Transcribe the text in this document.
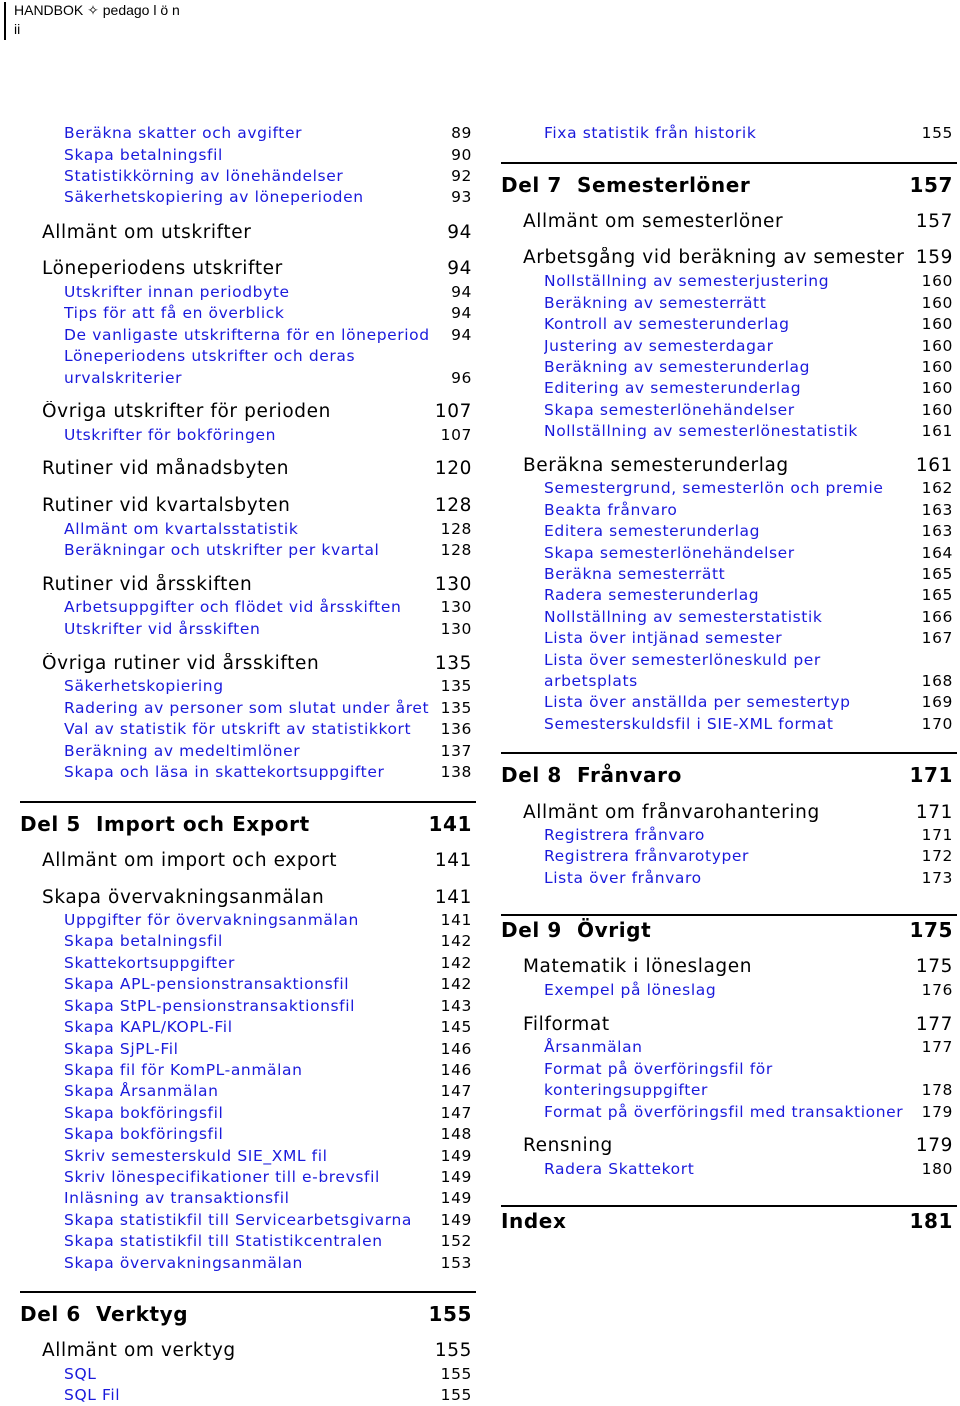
HANDBOK ✧ pedago l ö n
ii
Beräkna skatter och avgifter	89
Skapa betalningsfil	90
Statistikkörning av lönehändelser	92
Säkerhetskopiering av löneperioden	93
Allmänt om utskrifter	94
Löneperiodens utskrifter	94
Utskrifter innan periodbyte	94
Tips för att få en överblick	94
De vanligaste utskrifterna för en löneperiod 94
Löneperiodens utskrifter och deras
urvalskriterier	96
Övriga utskrifter för perioden	107
Utskrifter för bokföringen	107
Rutiner vid månadsbyten	120
Rutiner vid kvartalsbyten	128
Allmänt om kvartalsstatistik	128
Beräkningar och utskrifter per kvartal	128
Rutiner vid årsskiften	130
Arbetsuppgifter och flödet vid årsskiften	130
Utskrifter vid årsskiften	130
Övriga rutiner vid årsskiften	135
Säkerhetskopiering	135
Radering av personer som slutat under året 135
Val av statistik för utskrift av statistikkort 136
Beräkning av medeltimlöner	137
Skapa och läsa in skattekortsuppgifter	138
Del 5 Import och Export	141
Allmänt om import och export	141
Skapa övervakningsanmälan	141
Uppgifter för övervakningsanmälan	141
Skapa betalningsfil	142
Skattekortsuppgifter	142
Skapa APL-pensionstransaktionsfil	142
Skapa StPL-pensionstransaktionsfil	143
Skapa KAPL/KOPL-Fil	145
Skapa SjPL-Fil	146
Skapa fil för KomPL-anmälan	146
Skapa Årsanmälan	147
Skapa bokföringsfil	147
Skapa bokföringsfil	148
Skriv semesterskuld SIE_XML fil	149
Skriv lönespecifikationer till e-brevsfil	149
Inläsning av transaktionsfil	149
Skapa statistikfil till Servicearbetsgivarna 149
Skapa statistikfil till Statistikcentralen	152
Skapa övervakningsanmälan	153
Del 6 Verktyg	155
Allmänt om verktyg	155
SQL	155
SQL Fil	155
Fixa statistik från historik	155
Del 7 Semesterlöner	157
Allmänt om semesterlöner	157
Arbetsgång vid beräkning av semester 159
Nollställning av semesterjustering	160
Beräkning av semesterrätt	160
Kontroll av semesterunderlag	160
Justering av semesterdagar	160
Beräkning av semesterunderlag	160
Editering av semesterunderlag	160
Skapa semesterlönehändelser	160
Nollställning av semesterlönestatistik	161
Beräkna semesterunderlag	161
Semestergrund, semesterlön och premie 162
Beakta frånvaro	163
Editera semesterunderlag	163
Skapa semesterlönehändelser	164
Beräkna semesterrätt	165
Radera semesterunderlag	165
Nollställning av semesterstatistik	166
Lista över intjänad semester	167
Lista över semesterlöneskuld per
arbetsplats	168
Lista över anställda per semestertyp	169
Semesterskuldsfil i SIE-XML format	170
Del 8 Frånvaro	171
Allmänt om frånvarohantering	171
Registrera frånvaro	171
Registrera frånvarotyper	172
Lista över frånvaro	173
Del 9 Övrigt	175
Matematik i löneslagen	175
Exempel på löneslag	176
Filformat	177
Årsanmälan	177
Format på överföringsfil för
konteringsuppgifter	178
Format på överföringsfil med transaktioner 179
Rensning	179
Radera Skattekort	180
Index	181
